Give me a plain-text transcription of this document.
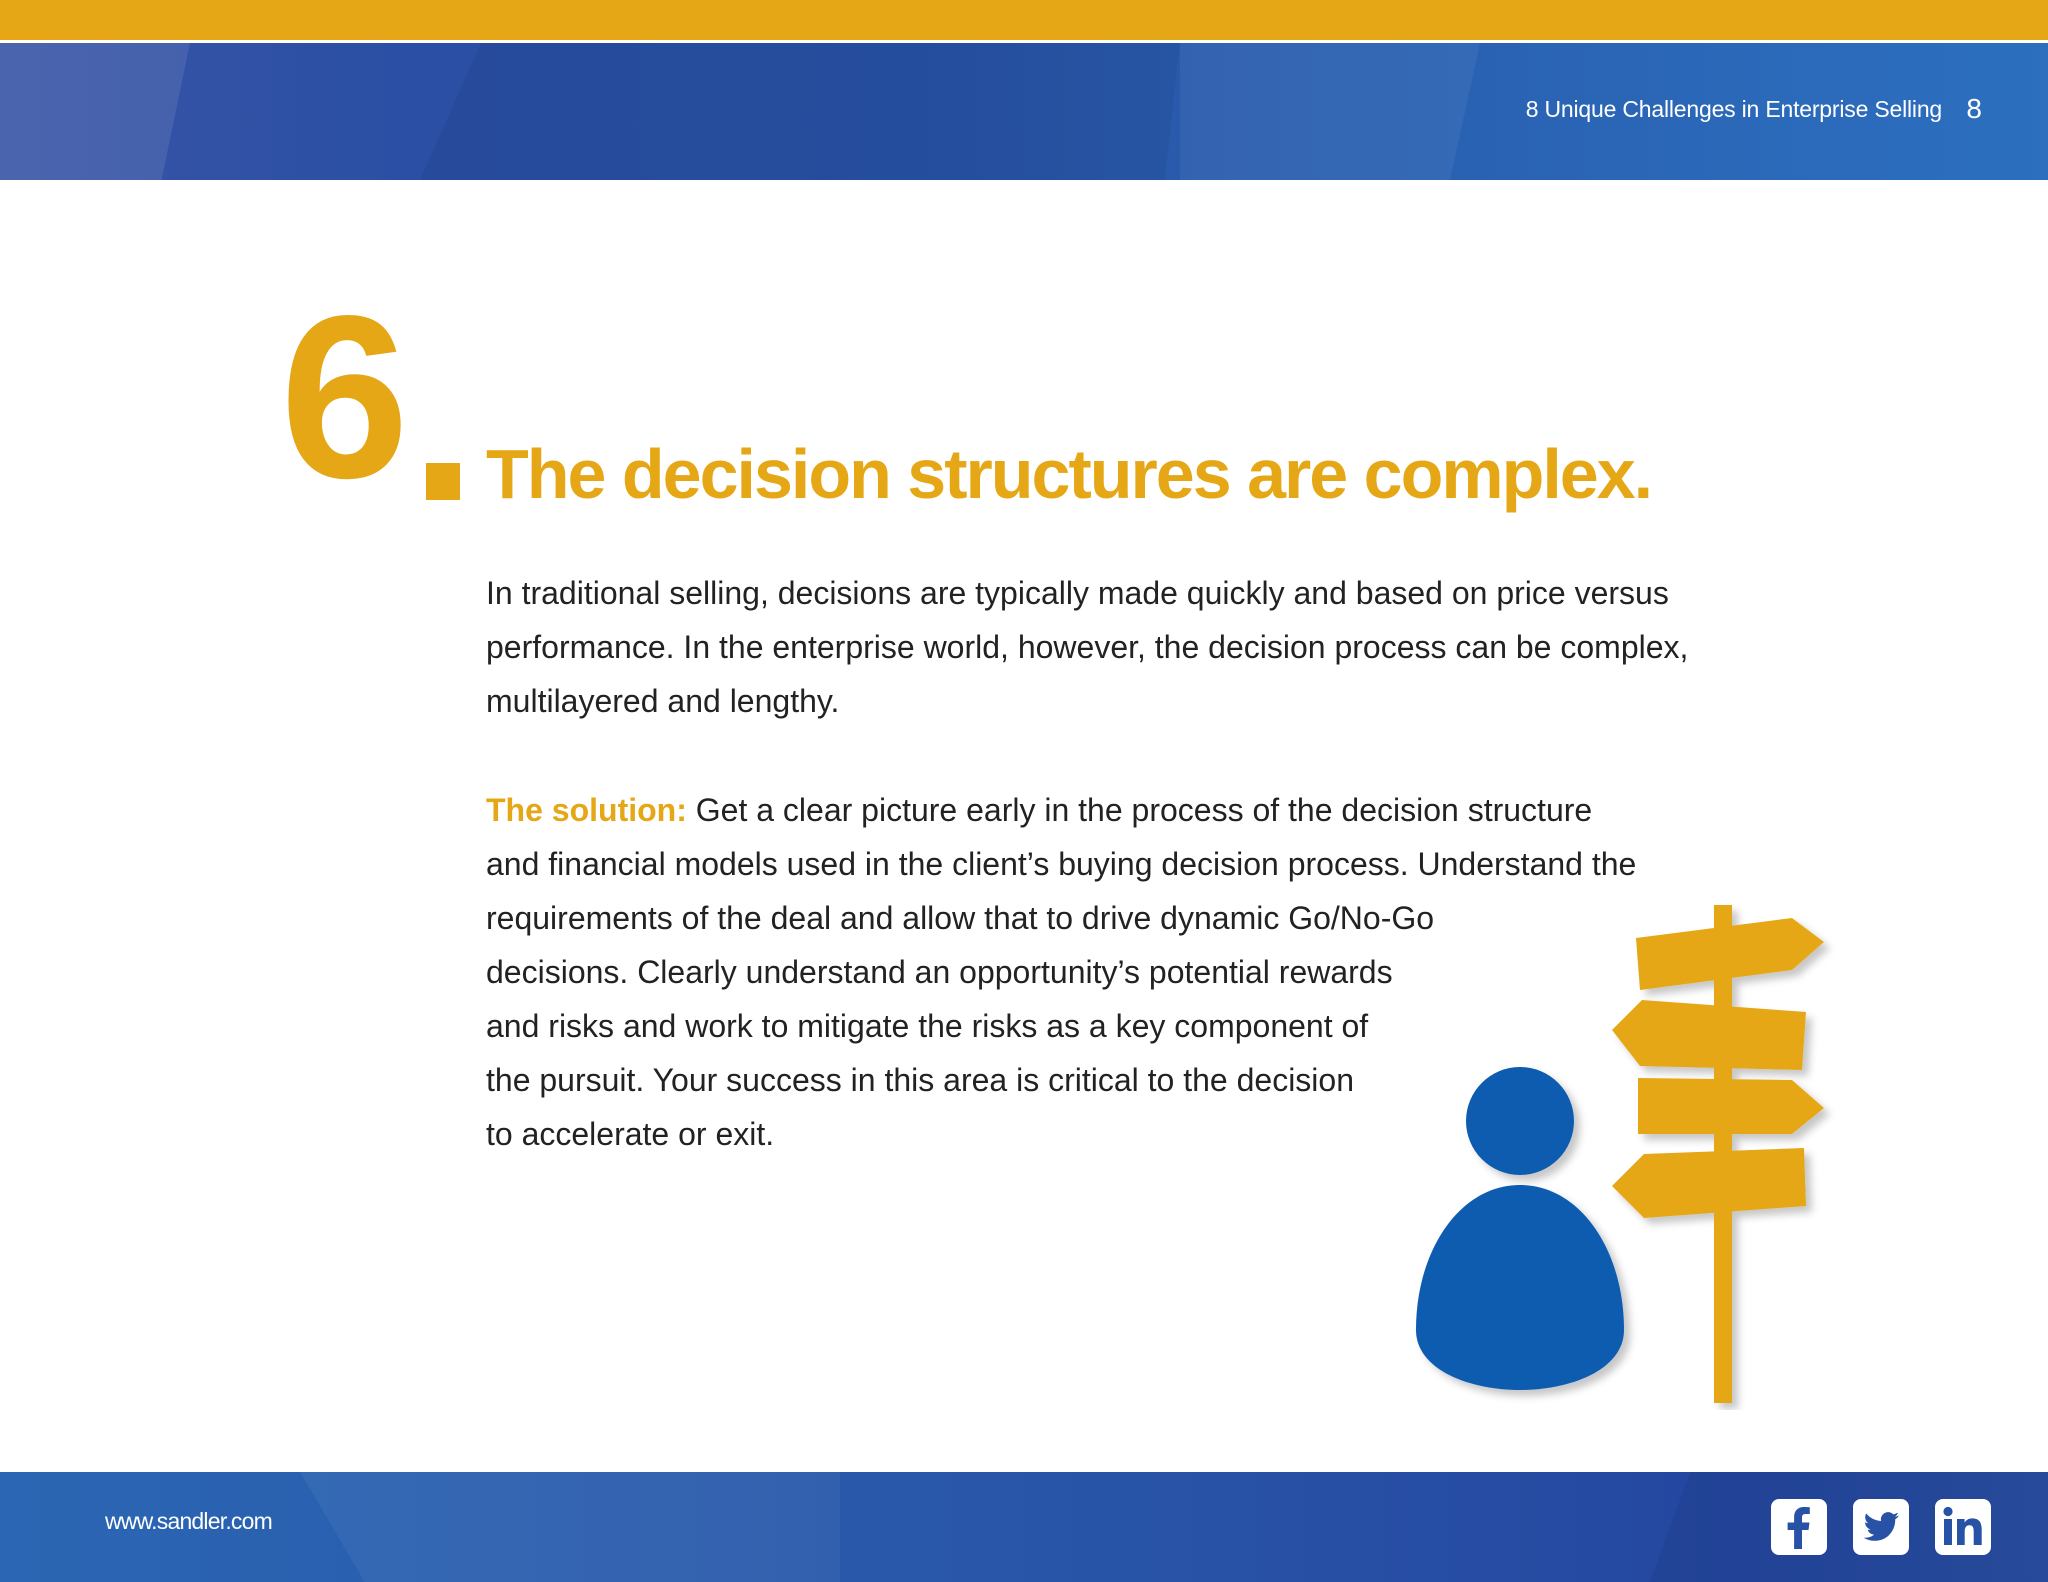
8 Unique Challenges in Enterprise Selling 8
6 The decision structures are complex.
In traditional selling, decisions are typically made quickly and based on price versus
performance. In the enterprise world, however, the decision process can be complex,
multilayered and lengthy.
The solution: Get a clear picture early in the process of the decision structure
and financial models used in the client’s buying decision process. Understand the
requirements of the deal and allow that to drive dynamic Go/No-Go
decisions. Clearly understand an opportunity’s potential rewards
and risks and work to mitigate the risks as a key component of
the pursuit. Your success in this area is critical to the decision
to accelerate or exit.
www.sandler.com
